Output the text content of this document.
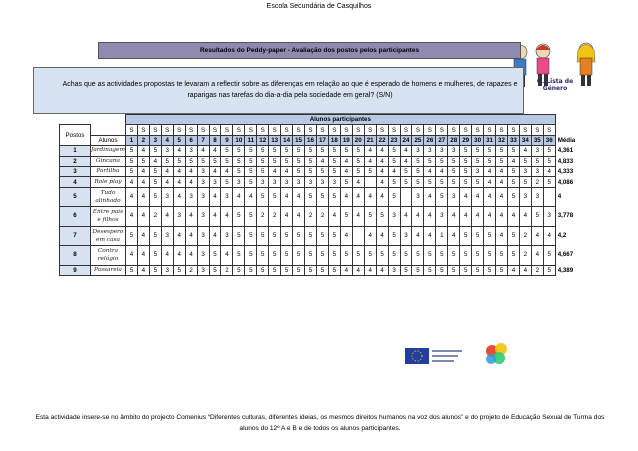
Escola Secundária de Casquilhos
Q. Lista de Género
Resultados do Peddy-paper - Avaliação dos postos pelos participantes
Achas que as actividades propostas te levaram a reflectir sobre as diferenças em relação ao que é esperado de homens e mulheres, de rapazes e raparigas nas tarefas do dia-a-dia pela sociedade em geral? (S/N)
		Alunos participantes																																				
Postos		S	S	S	S	S	S	S	S	S	S	S	S	S	S	S	S	S	S	S	S	S	S	S	S	S	S	S	S	S	S	S	S	S	S	S	S	
	Alunos	1	2	3	4	5	6	7	8	9	10	11	12	13	14	15	16	17	18	19	20	21	22	23	24	25	26	27	28	29	30	31	32	33	34	35	36	Média
1	Jardinagem	5	4	5	3	4	3	4	4	5	5	5	5	5	5	5	5	5	5	5	5	4	4	5	4	3	3	3	3	5	5	5	5	5	4	3	5	4,361
2	Gincana	5	5	4	5	5	5	5	5	5	5	5	5	5	5	5	5	4	5	4	5	4	4	5	4	5	5	5	5	5	5	5	5	4	5	5	5	4,833
3	Partilha	5	4	5	4	4	4	3	4	4	5	5	5	4	4	5	5	5	5	4	5	5	4	4	5	5	4	4	5	5	3	4	4	5	3	3	4	4,333
4	Role play	4	4	5	4	4	4	3	3	5	3	5	3	3	3	3	3	3	3	5	4		4	5	5	5	5	5	5	5	5	4	4	5	5	2	5	4,086
5	Tudo alinhado	4	4	5	3	4	3	3	4	3	4	4	5	5	4	4	5	5	5	4	4	4	4	5		3	4	5	3	4	4	4	4	5	3	3		4
6	Entre pais e filhos	4	4	2	4	3	4	3	4	4	5	5	2	2	4	4	2	2	4	5	4	5	5	3	4	4	4	3	4	4	4	4	4	4	4	5	3	3,778
7	Desespero em casa	5	4	5	3	4	4	3	4	3	5	5	5	5	5	5	5	5	5	4		4	4	5	3	4	4	1	4	5	5	5	4	5	2	4	4	4,2
8	Contra relógio	4	4	5	4	4	4	3	5	4	5	5	5	5	5	5	5	5	5	5	5	5	5	5	5	5	5	5	5	5	5	5	5	5	2	4	5	4,667
9	Passarela	5	4	5	3	5	2	3	5	2	5	5	5	5	5	5	5	5	5	4	4	4	4	3	5	5	5	5	5	5	5	5	5	4	4	2	5	4,389
Esta actividade insere-se no âmbito do projecto Comenius “Diferentes culturas, diferentes ideias, os mesmos direitos humanos na voz dos alunos” e do projeto de Educação Sexual de Turma dos alunos do 12º A e B e de todos os alunos participantes.
